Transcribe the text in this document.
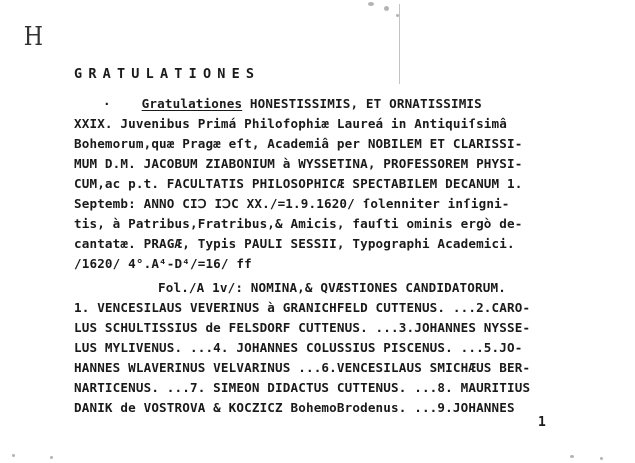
H
GRATULATIONES
·    Gratulationes HONESTISSIMIS, ET ORNATISSIMIS
XXIX. Juvenibus Primá Philofophiæ Laureá in Antiquiſsimâ
Bohemorum,quæ Pragæ eſt, Academiâ per NOBILEM ET CLARISSI-
MUM D.M. JACOBUM ZIABONIUM à WYSSETINA, PROFESSOREM PHYSI-
CUM,ac p.t. FACULTATIS PHILOSOPHICÆ SPECTABILEM DECANUM 1.
Septemb: ANNO CIↃ IↃC XX./=1.9.1620/ ſolenniter inſigni-
tis, à Patribus,Fratribus,& Amicis, fauſti ominis ergò de-
cantatæ. PRAGÆ, Typis PAULI SESSII, Typographi Academici.
/1620/ 4°.A⁴-D⁴/=16/ ff
Fol./A 1v/: NOMINA,& QVÆSTIONES CANDIDATORUM.
1. VENCESILAUS VEVERINUS à GRANICHFELD CUTTENUS. ...2.CARO-
LUS SCHULTISSIUS de FELSDORF CUTTENUS. ...3.JOHANNES NYSSE-
LUS MYLIVENUS. ...4. JOHANNES COLUSSIUS PISCENUS. ...5.JO-
HANNES WLAVERINUS VELVARINUS ...6.VENCESILAUS SMICHÆUS BER-
NARTICENUS. ...7. SIMEON DIDACTUS CUTTENUS. ...8. MAURITIUS
DANIK de VOSTROVA & KOCZICZ BohemoBrodenus. ...9.JOHANNES
1
